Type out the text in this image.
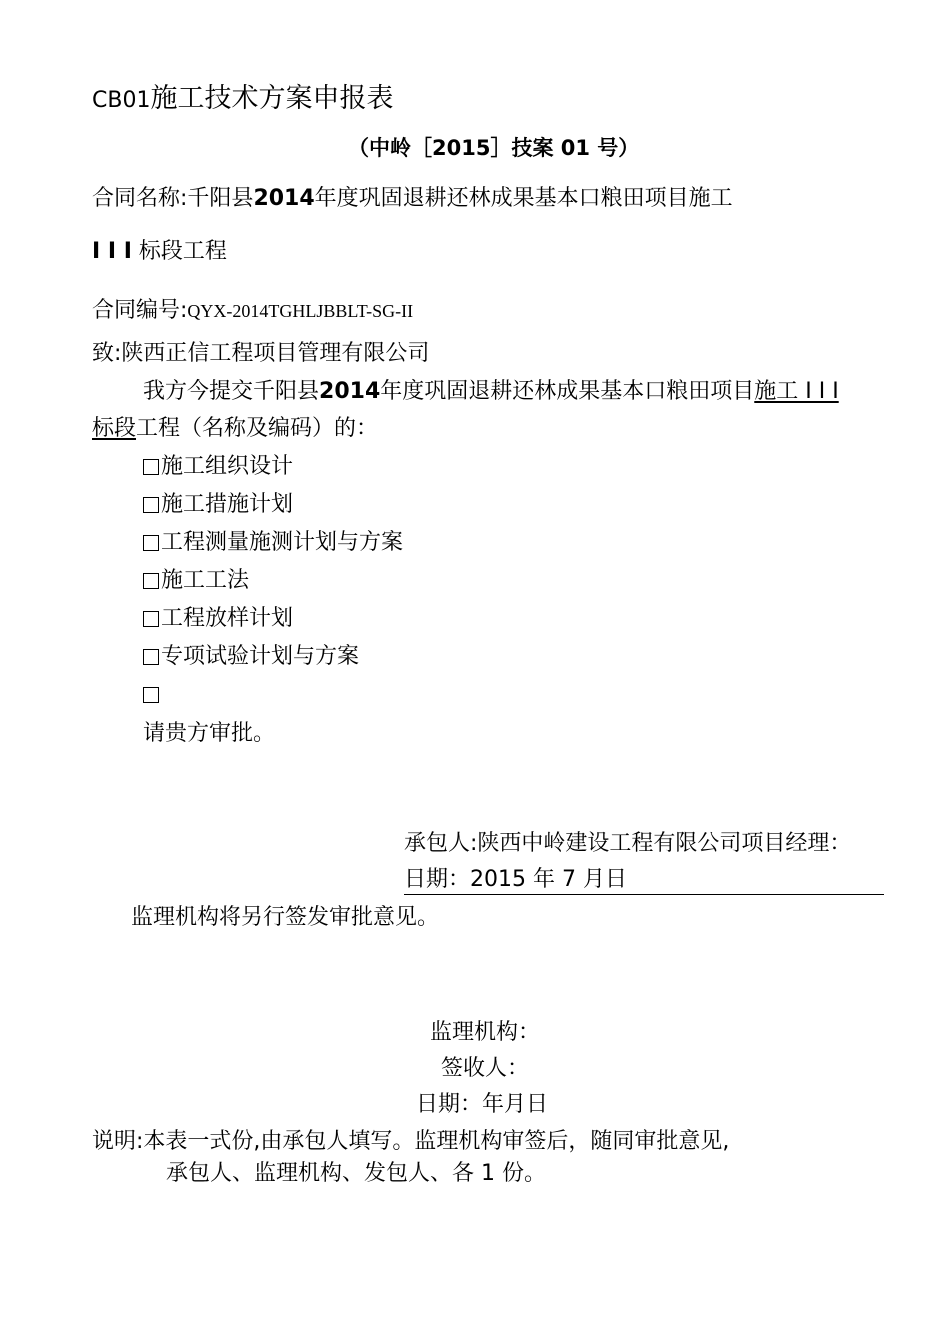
CB01施工技术方案申报表
（中岭［2015］技案 01 号）
合同名称:千阳县2014年度巩固退耕还林成果基本口粮田项目施工
I I I 标段工程
合同编号:QYX-2014TGHLJBBLT-SG-II
致:陕西正信工程项目管理有限公司
我方今提交千阳县2014年度巩固退耕还林成果基本口粮田项目施工 I I I
标段工程（名称及编码）的：
施工组织设计
施工措施计划
工程测量施测计划与方案
施工工法
工程放样计划
专项试验计划与方案
请贵方审批。
承包人:陕西中岭建设工程有限公司项目经理：
日期：2015 年 7 月日
监理机构将另行签发审批意见。
监理机构：
签收人：
日期：年月日
说明:本表一式份,由承包人填写。监理机构审签后，随同审批意见,
承包人、监理机构、发包人、各 1 份。
